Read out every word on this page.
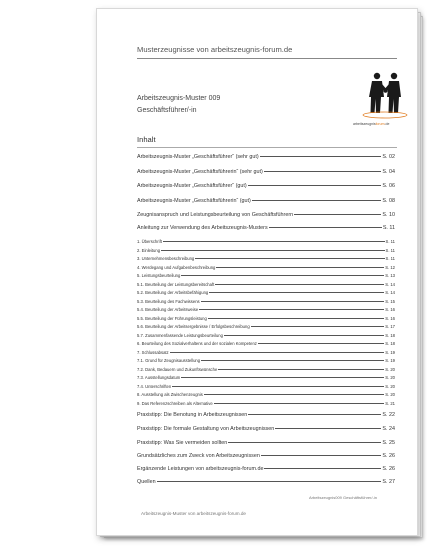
Musterzeugnisse von arbeitszeugnis-forum.de
arbeitszeugnisforum.de
Arbeitszeugnis-Muster 009
Geschäftsführer/-in
Inhalt
Arbeitszeugnis-Muster „Geschäftsführer“ (sehr gut)	S. 02
Arbeitszeugnis-Muster „Geschäftsführerin“ (sehr gut)	S. 04
Arbeitszeugnis-Muster „Geschäftsführer“ (gut)	S. 06
Arbeitszeugnis-Muster „Geschäftsführerin“ (gut)	S. 08
Zeugnisanspruch und Leistungsbeurteilung von Geschäftsführern	S. 10
Anleitung zur Verwendung des Arbeitszeugnis-Musters	S. 11
1. Überschrift	S. 11
2. Einleitung	S. 11
3. Unternehmensbeschreibung	S. 11
4. Werdegang und Aufgabenbeschreibung	S. 12
5. Leistungsbeurteilung	S. 13
5.1. Beurteilung der Leistungsbereitschaft	S. 14
5.2. Beurteilung der Arbeitsbefähigung	S. 14
5.3. Beurteilung des Fachwissens	S. 15
5.4. Beurteilung der Arbeitsweise	S. 16
5.5. Beurteilung der Führungsleistung	S. 16
5.6. Beurteilung der Arbeitsergebnisse / Erfolgsbeschreibung	S. 17
5.7. Zusammenfassende Leistungsbeurteilung	S. 18
6. Beurteilung des Sozialverhaltens und der sozialen Kompetenz	S. 18
7. Schlussabsatz	S. 19
7.1. Grund für Zeugnisausstellung	S. 19
7.2. Dank, Bedauern und Zukunftswünsche	S. 20
7.3. Ausstellungsdatum	S. 20
7.4. Unterschriften	S. 20
8. Ausstellung als Zwischenzeugnis	S. 20
9. Das Referenzschreiben als Alternative	S. 21
Praxistipp: Die Benotung in Arbeitszeugnissen	S. 22
Praxistipp: Die formale Gestaltung von Arbeitszeugnissen	S. 24
Praxistipp: Was Sie vermeiden sollten	S. 25
Grundsätzliches zum Zweck von Arbeitszeugnissen	S. 26
Ergänzende Leistungen von arbeitszeugnis-forum.de	S. 26
Quellen	S. 27
Arbeitszeugnis009 Geschäftsführer/-in
Arbeitszeugnis-Muster von arbeitszeugnis-forum.de
